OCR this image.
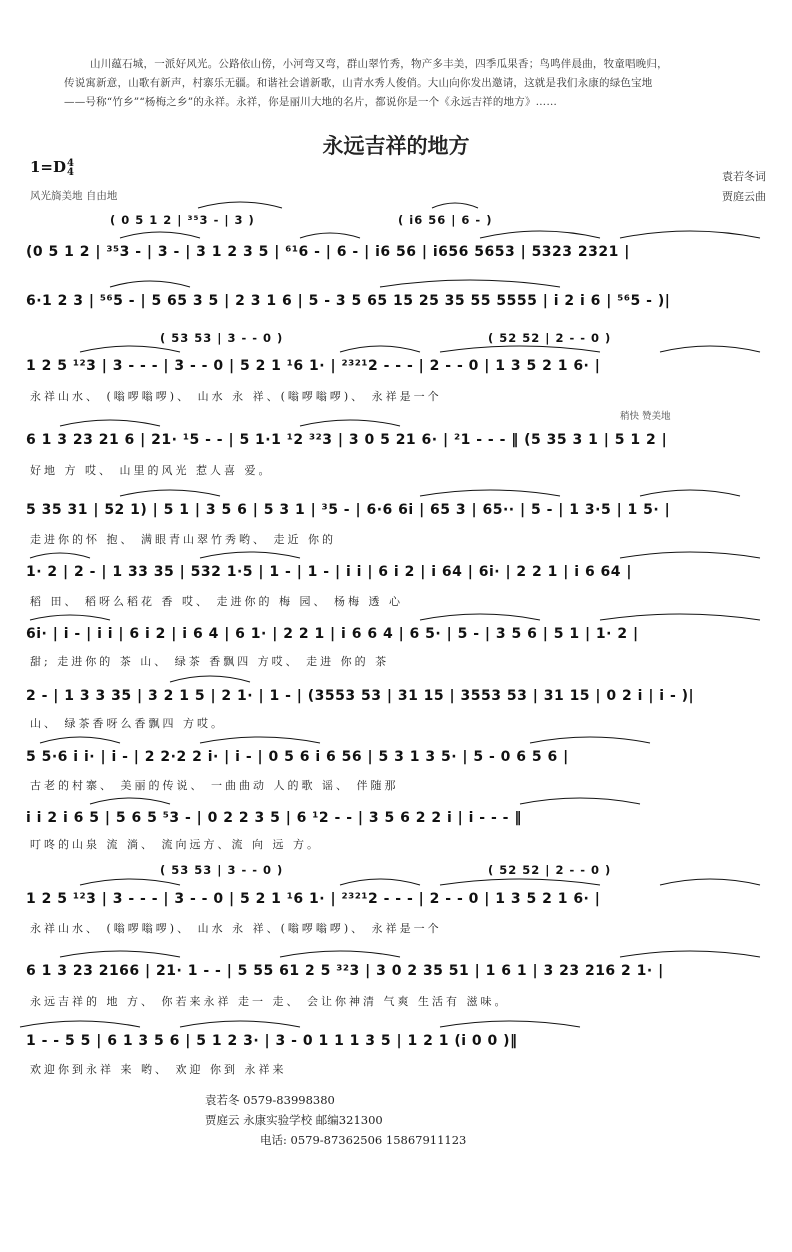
山川蕴石城，一派好风光。公路依山傍，小河弯又弯，群山翠竹秀，物产多丰美，四季瓜果香；鸟鸣伴晨曲，牧童唱晚归，

传说寓新意，山歌有新声，村寨乐无疆。和谐社会谱新歌，山青水秀人俊俏。大山向你发出邀请，这就是我们永康的绿色宝地

——号称“竹乡”“杨梅之乡”的永祥。永祥，你是丽川大地的名片，都说你是一个《永远吉祥的地方》……

永远吉祥的地方
1=D4
4
风光旖美地 自由地
袁若冬词
贾庭云曲
( 0 5 1 2 | ³⁵3 - | 3 )	( i6 56 | 6 - )
( 53 53 | 3 - - 0 )	( 52 52 | 2 - - 0 )
( 53 53 | 3 - - 0 )	( 52 52 | 2 - - 0 )
(0 5 1 2 | ³⁵3 - | 3 - | 3 1 2 3 5 | ⁶¹6 - | 6 - | i6 56 | i656 5653 | 5323 2321 |
6·1 2 3 | ⁵⁶5 - | 5 65 3 5 | 2 3 1 6 | 5 - 3 5 65 15 25 35 55 5555 | i 2 i 6 | ⁵⁶5 - )|
1 2 5 ¹²3 | 3 - - - | 3 - - 0 | 5 2 1 ¹6 1· | ²³²¹2 - - - | 2 - - 0 | 1 3 5 2 1 6· |
6 1 3 23 21 6 | 21· ¹5 - - | 5 1·1 ¹2 ³²3 | 3 0 5 21 6· | ²1 - - - ‖ (5 35 3 1 | 5 1 2 |
5 35 31 | 52 1) | 5 1 | 3 5 6 | 5 3 1 | ³5 - | 6·6 6i | 65 3 | 65·· | 5 - | 1 3·5 | 1 5· |
1· 2 | 2 - | 1 33 35 | 532 1·5 | 1 - | 1 - | i i | 6 i 2 | i 64 | 6i· | 2 2 1 | i 6 64 |
6i· | i - | i i | 6 i 2 | i 6 4 | 6 1· | 2 2 1 | i 6 6 4 | 6 5· | 5 - | 3 5 6 | 5 1 | 1· 2 |
2 - | 1 3 3 35 | 3 2 1 5 | 2 1· | 1 - | (3553 53 | 31 15 | 3553 53 | 31 15 | 0 2 i | i - )|
5 5·6 i i· | i - | 2 2·2 2 i· | i - | 0 5 6 i 6 56 | 5 3 1 3 5· | 5 - 0 6 5 6 |
i i 2 i 6 5 | 5 6 5 ⁵3 - | 0 2 2 3 5 | 6 ¹2 - - | 3 5 6 2 2 i | i - - - ‖
1 2 5 ¹²3 | 3 - - - | 3 - - 0 | 5 2 1 ¹6 1· | ²³²¹2 - - - | 2 - - 0 | 1 3 5 2 1 6· |
6 1 3 23 2166 | 21· 1 - - | 5 55 61 2 5 ³²3 | 3 0 2 35 51 | 1 6 1 | 3 23 216 2 1· |
1 - - 5 5 | 6 1 3 5 6 | 5 1 2 3· | 3 - 0 1 1 1 3 5 | 1 2 1 (i 0 0 )‖
稍快 赞美地
永祥山水、 (嗡啰嗡啰)、 山水 永 祥、(嗡啰嗡啰)、 永祥是一个
好地 方 哎、 山里的风光 惹人喜 爱。
走进你的怀 抱、 满眼青山翠竹秀哟、 走近 你的
稻 田、 稻呀么稻花 香 哎、 走进你的 梅 园、 杨梅 透 心
甜; 走进你的 茶 山、 绿茶 香飘四 方哎、 走进 你的 茶
山、 绿茶香呀么香飘四 方哎。
古老的村寨、 美丽的传说、 一曲曲动 人的歌 谣、 伴随那
叮咚的山泉 流 淌、 流向远方、流 向 远 方。
永祥山水、 (嗡啰嗡啰)、 山水 永 祥、(嗡啰嗡啰)、 永祥是一个
永远吉祥的 地 方、 你若来永祥 走一 走、 会让你神清 气爽 生活有 滋味。
欢迎你到永祥 来 哟、 欢迎 你到 永祥来

袁若冬 0579-83998380

贾庭云 永康实验学校 邮编321300

电话: 0579-87362506 15867911123
